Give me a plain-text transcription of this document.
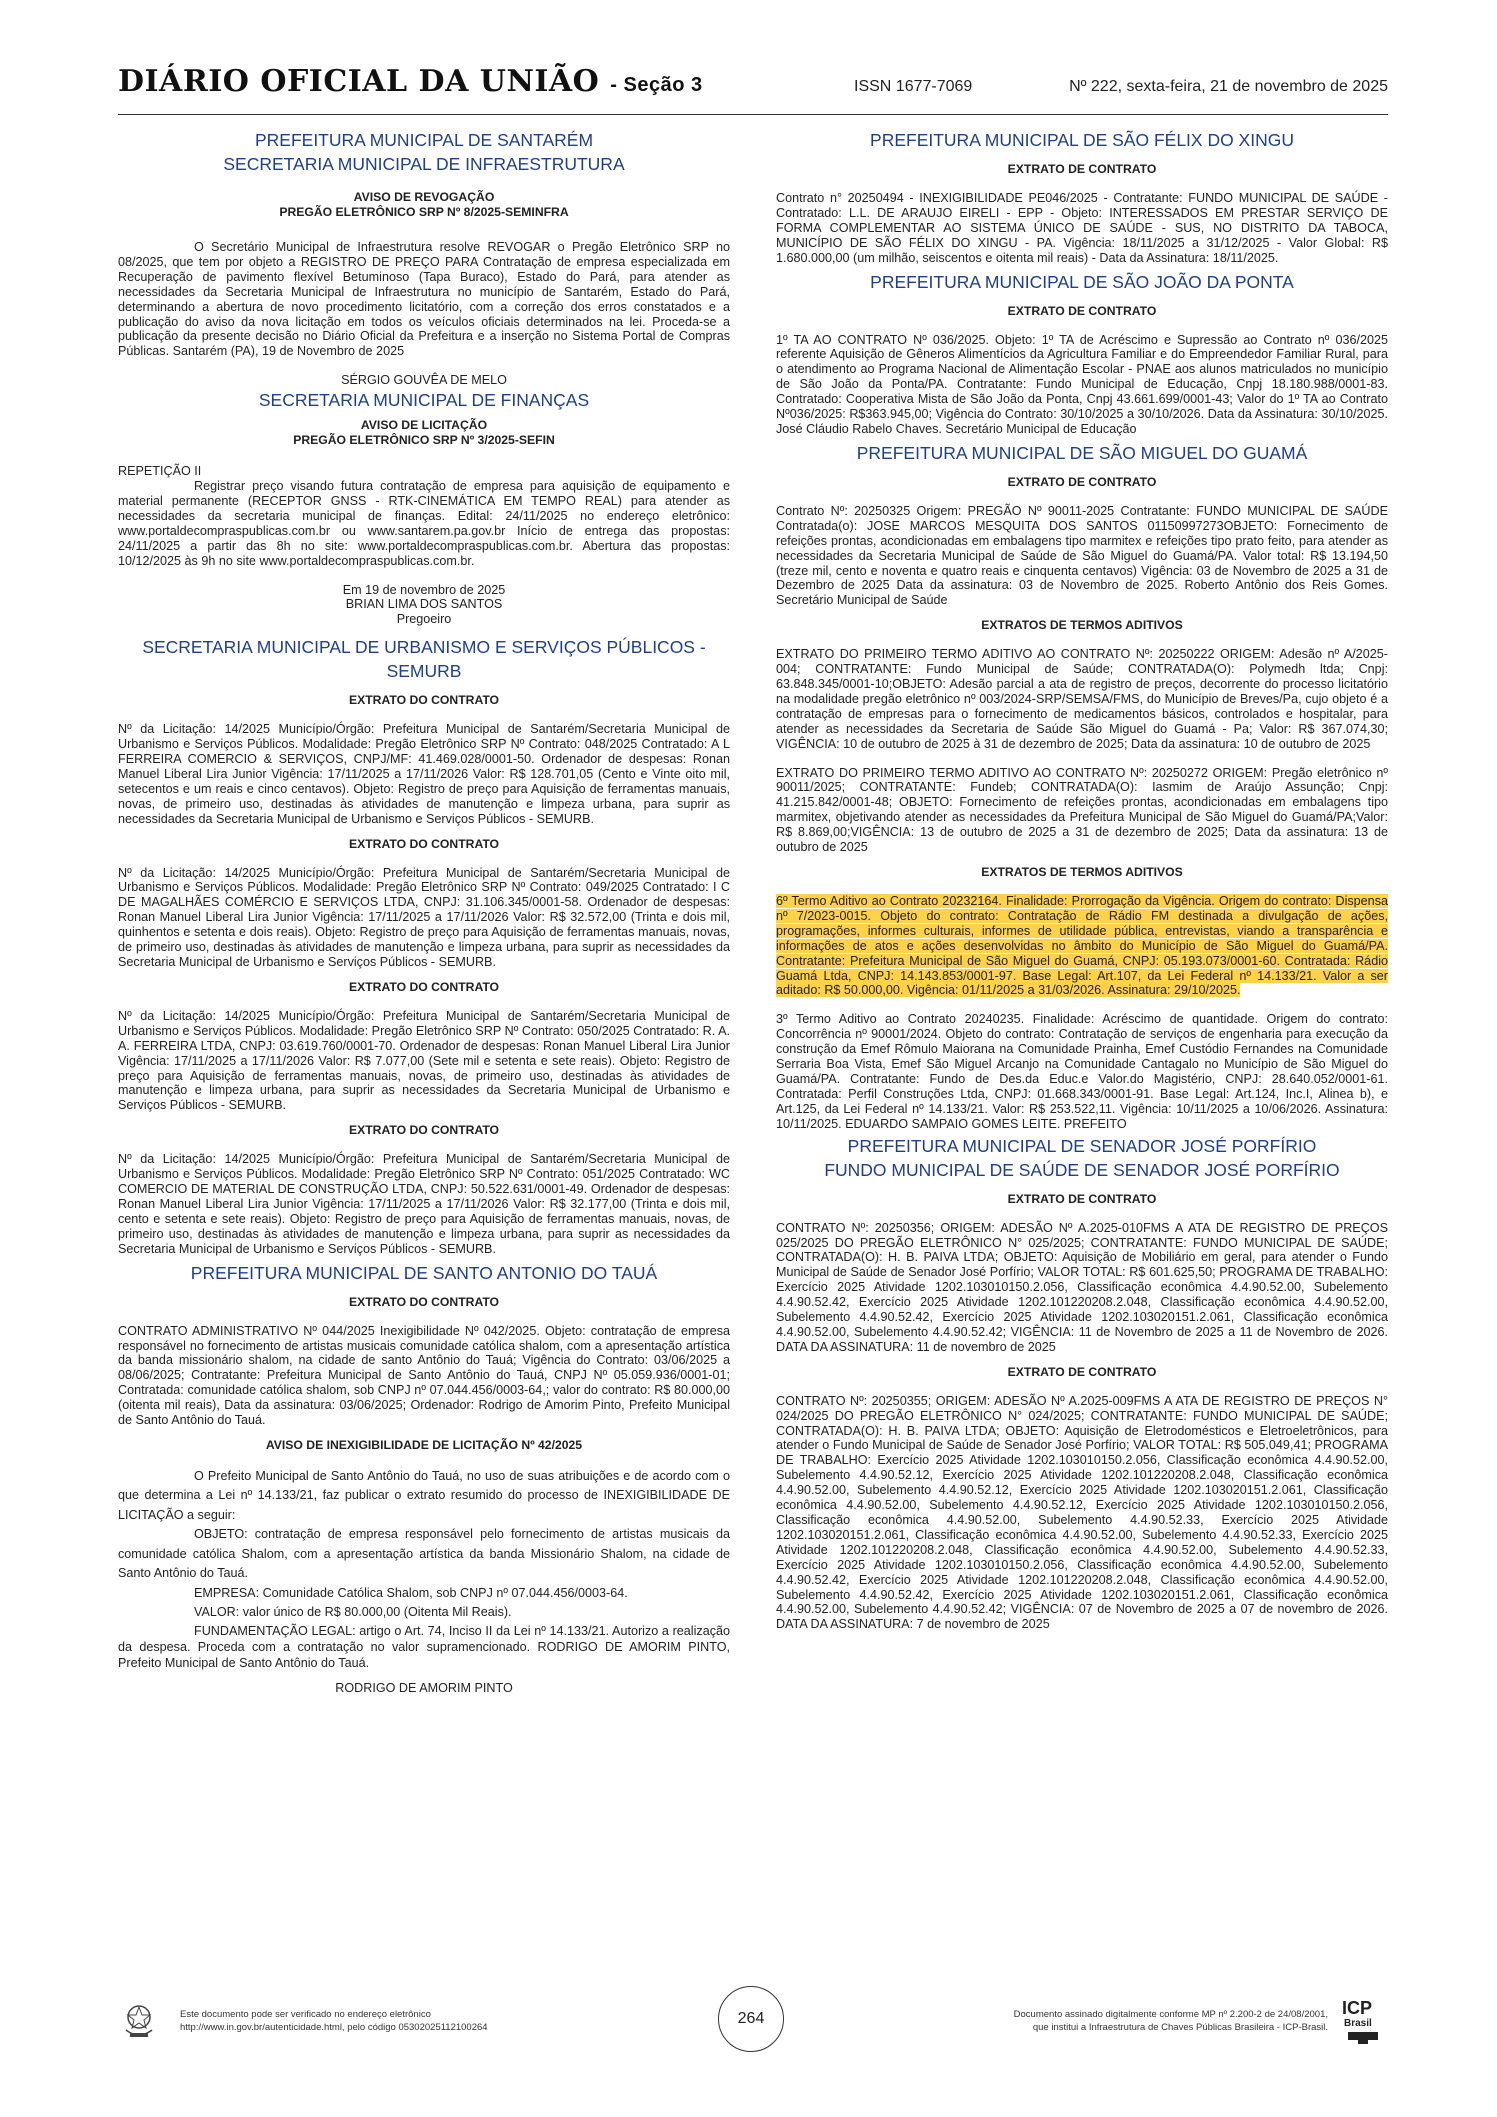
DIÁRIO OFICIAL DA UNIÃO - Seção 3	ISSN 1677-7069	Nº 222, sexta-feira, 21 de novembro de 2025

PREFEITURA MUNICIPAL DE SANTARÉM

SECRETARIA MUNICIPAL DE INFRAESTRUTURA

AVISO DE REVOGAÇÃO

PREGÃO ELETRÔNICO SRP Nº 8/2025-SEMINFRA

O Secretário Municipal de Infraestrutura resolve REVOGAR o Pregão Eletrônico SRP no 08/2025, que tem por objeto a REGISTRO DE PREÇO PARA Contratação de empresa especializada em Recuperação de pavimento flexível Betuminoso (Tapa Buraco), Estado do Pará, para atender as necessidades da Secretaria Municipal de Infraestrutura no município de Santarém, Estado do Pará, determinando a abertura de novo procedimento licitatório, com a correção dos erros constatados e a publicação do aviso da nova licitação em todos os veículos oficiais determinados na lei. Proceda-se a publicação da presente decisão no Diário Oficial da Prefeitura e a inserção no Sistema Portal de Compras Públicas. Santarém (PA), 19 de Novembro de 2025

SÉRGIO GOUVÊA DE MELO

SECRETARIA MUNICIPAL DE FINANÇAS

AVISO DE LICITAÇÃO

PREGÃO ELETRÔNICO SRP Nº 3/2025-SEFIN

REPETIÇÃO II

Registrar preço visando futura contratação de empresa para aquisição de equipamento e material permanente (RECEPTOR GNSS - RTK-CINEMÁTICA EM TEMPO REAL) para atender as necessidades da secretaria municipal de finanças. Edital: 24/11/2025 no endereço eletrônico: www.portaldecompraspublicas.com.br ou www.santarem.pa.gov.br Início de entrega das propostas: 24/11/2025 a partir das 8h no site: www.portaldecompraspublicas.com.br. Abertura das propostas: 10/12/2025 às 9h no site www.portaldecompraspublicas.com.br.

Em 19 de novembro de 2025

BRIAN LIMA DOS SANTOS

Pregoeiro

SECRETARIA MUNICIPAL DE URBANISMO E SERVIÇOS PÚBLICOS - SEMURB

EXTRATO DO CONTRATO

Nº da Licitação: 14/2025 Município/Órgão: Prefeitura Municipal de Santarém/Secretaria Municipal de Urbanismo e Serviços Públicos. Modalidade: Pregão Eletrônico SRP Nº Contrato: 048/2025 Contratado: A L FERREIRA COMERCIO & SERVIÇOS, CNPJ/MF: 41.469.028/0001-50. Ordenador de despesas: Ronan Manuel Liberal Lira Junior Vigência: 17/11/2025 a 17/11/2026 Valor: R$ 128.701,05 (Cento e Vinte oito mil, setecentos e um reais e cinco centavos). Objeto: Registro de preço para Aquisição de ferramentas manuais, novas, de primeiro uso, destinadas às atividades de manutenção e limpeza urbana, para suprir as necessidades da Secretaria Municipal de Urbanismo e Serviços Públicos - SEMURB.

EXTRATO DO CONTRATO

Nº da Licitação: 14/2025 Município/Órgão: Prefeitura Municipal de Santarém/Secretaria Municipal de Urbanismo e Serviços Públicos. Modalidade: Pregão Eletrônico SRP Nº Contrato: 049/2025 Contratado: I C DE MAGALHÃES COMÉRCIO E SERVIÇOS LTDA, CNPJ: 31.106.345/0001-58. Ordenador de despesas: Ronan Manuel Liberal Lira Junior Vigência: 17/11/2025 a 17/11/2026 Valor: R$ 32.572,00 (Trinta e dois mil, quinhentos e setenta e dois reais). Objeto: Registro de preço para Aquisição de ferramentas manuais, novas, de primeiro uso, destinadas às atividades de manutenção e limpeza urbana, para suprir as necessidades da Secretaria Municipal de Urbanismo e Serviços Públicos - SEMURB.

EXTRATO DO CONTRATO

Nº da Licitação: 14/2025 Município/Órgão: Prefeitura Municipal de Santarém/Secretaria Municipal de Urbanismo e Serviços Públicos. Modalidade: Pregão Eletrônico SRP Nº Contrato: 050/2025 Contratado: R. A. A. FERREIRA LTDA, CNPJ: 03.619.760/0001-70. Ordenador de despesas: Ronan Manuel Liberal Lira Junior Vigência: 17/11/2025 a 17/11/2026 Valor: R$ 7.077,00 (Sete mil e setenta e sete reais). Objeto: Registro de preço para Aquisição de ferramentas manuais, novas, de primeiro uso, destinadas às atividades de manutenção e limpeza urbana, para suprir as necessidades da Secretaria Municipal de Urbanismo e Serviços Públicos - SEMURB.

EXTRATO DO CONTRATO

Nº da Licitação: 14/2025 Município/Órgão: Prefeitura Municipal de Santarém/Secretaria Municipal de Urbanismo e Serviços Públicos. Modalidade: Pregão Eletrônico SRP Nº Contrato: 051/2025 Contratado: WC COMERCIO DE MATERIAL DE CONSTRUÇÃO LTDA, CNPJ: 50.522.631/0001-49. Ordenador de despesas: Ronan Manuel Liberal Lira Junior Vigência: 17/11/2025 a 17/11/2026 Valor: R$ 32.177,00 (Trinta e dois mil, cento e setenta e sete reais). Objeto: Registro de preço para Aquisição de ferramentas manuais, novas, de primeiro uso, destinadas às atividades de manutenção e limpeza urbana, para suprir as necessidades da Secretaria Municipal de Urbanismo e Serviços Públicos - SEMURB.

PREFEITURA MUNICIPAL DE SANTO ANTONIO DO TAUÁ

EXTRATO DO CONTRATO

CONTRATO ADMINISTRATIVO Nº 044/2025 Inexigibilidade Nº 042/2025. Objeto: contratação de empresa responsável no fornecimento de artistas musicais comunidade católica shalom, com a apresentação artística da banda missionário shalom, na cidade de santo Antônio do Tauá; Vigência do Contrato: 03/06/2025 a 08/06/2025; Contratante: Prefeitura Municipal de Santo Antônio do Tauá, CNPJ Nº 05.059.936/0001-01; Contratada: comunidade católica shalom, sob CNPJ nº 07.044.456/0003-64,; valor do contrato: R$ 80.000,00 (oitenta mil reais), Data da assinatura: 03/06/2025; Ordenador: Rodrigo de Amorim Pinto, Prefeito Municipal de Santo Antônio do Tauá.

AVISO DE INEXIGIBILIDADE DE LICITAÇÃO Nº 42/2025

O Prefeito Municipal de Santo Antônio do Tauá, no uso de suas atribuições e de acordo com o que determina a Lei nº 14.133/21, faz publicar o extrato resumido do processo de INEXIGIBILIDADE DE LICITAÇÃO a seguir:

OBJETO: contratação de empresa responsável pelo fornecimento de artistas musicais da comunidade católica Shalom, com a apresentação artística da banda Missionário Shalom, na cidade de Santo Antônio do Tauá.

EMPRESA: Comunidade Católica Shalom, sob CNPJ nº 07.044.456/0003-64.

VALOR: valor único de R$ 80.000,00 (Oitenta Mil Reais).

FUNDAMENTAÇÃO LEGAL: artigo o Art. 74, Inciso II da Lei nº 14.133/21. Autorizo a realização da despesa. Proceda com a contratação no valor supramencionado. RODRIGO DE AMORIM PINTO, Prefeito Municipal de Santo Antônio do Tauá.

RODRIGO DE AMORIM PINTO

PREFEITURA MUNICIPAL DE SÃO FÉLIX DO XINGU

EXTRATO DE CONTRATO

Contrato n° 20250494 - INEXIGIBILIDADE PE046/2025 - Contratante: FUNDO MUNICIPAL DE SAÚDE - Contratado: L.L. DE ARAUJO EIRELI - EPP - Objeto: INTERESSADOS EM PRESTAR SERVIÇO DE FORMA COMPLEMENTAR AO SISTEMA ÚNICO DE SAÚDE - SUS, NO DISTRITO DA TABOCA, MUNICÍPIO DE SÃO FÉLIX DO XINGU - PA. Vigência: 18/11/2025 a 31/12/2025 - Valor Global: R$ 1.680.000,00 (um milhão, seiscentos e oitenta mil reais) - Data da Assinatura: 18/11/2025.

PREFEITURA MUNICIPAL DE SÃO JOÃO DA PONTA

EXTRATO DE CONTRATO

1º TA AO CONTRATO Nº 036/2025. Objeto: 1º TA de Acréscimo e Supressão ao Contrato nº 036/2025 referente Aquisição de Gêneros Alimentícios da Agricultura Familiar e do Empreendedor Familiar Rural, para o atendimento ao Programa Nacional de Alimentação Escolar - PNAE aos alunos matriculados no município de São João da Ponta/PA. Contratante: Fundo Municipal de Educação, Cnpj 18.180.988/0001-83. Contratado: Cooperativa Mista de São João da Ponta, Cnpj 43.661.699/0001-43; Valor do 1º TA ao Contrato Nº036/2025: R$363.945,00; Vigência do Contrato: 30/10/2025 a 30/10/2026. Data da Assinatura: 30/10/2025. José Cláudio Rabelo Chaves. Secretário Municipal de Educação

PREFEITURA MUNICIPAL DE SÃO MIGUEL DO GUAMÁ

EXTRATO DE CONTRATO

Contrato Nº: 20250325 Origem: PREGÃO Nº 90011-2025 Contratante: FUNDO MUNICIPAL DE SAÚDE Contratada(o): JOSE MARCOS MESQUITA DOS SANTOS 01150997273OBJETO: Fornecimento de refeições prontas, acondicionadas em embalagens tipo marmitex e refeições tipo prato feito, para atender as necessidades da Secretaria Municipal de Saúde de São Miguel do Guamá/PA. Valor total: R$ 13.194,50 (treze mil, cento e noventa e quatro reais e cinquenta centavos) Vigência: 03 de Novembro de 2025 a 31 de Dezembro de 2025 Data da assinatura: 03 de Novembro de 2025. Roberto Antônio dos Reis Gomes. Secretário Municipal de Saúde

EXTRATOS DE TERMOS ADITIVOS

EXTRATO DO PRIMEIRO TERMO ADITIVO AO CONTRATO Nº: 20250222 ORIGEM: Adesão nº A/2025-004; CONTRATANTE: Fundo Municipal de Saúde; CONTRATADA(O): Polymedh ltda; Cnpj: 63.848.345/0001-10;OBJETO: Adesão parcial a ata de registro de preços, decorrente do processo licitatório na modalidade pregão eletrônico nº 003/2024-SRP/SEMSA/FMS, do Município de Breves/Pa, cujo objeto é a contratação de empresas para o fornecimento de medicamentos básicos, controlados e hospitalar, para atender as necessidades da Secretaria de Saúde São Miguel do Guamá - Pa; Valor: R$ 367.074,30; VIGÊNCIA: 10 de outubro de 2025 à 31 de dezembro de 2025; Data da assinatura: 10 de outubro de 2025

EXTRATO DO PRIMEIRO TERMO ADITIVO AO CONTRATO Nº: 20250272 ORIGEM: Pregão eletrônico nº 90011/2025; CONTRATANTE: Fundeb; CONTRATADA(O): Iasmim de Araújo Assunção; Cnpj: 41.215.842/0001-48; OBJETO: Fornecimento de refeições prontas, acondicionadas em embalagens tipo marmitex, objetivando atender as necessidades da Prefeitura Municipal de São Miguel do Guamá/PA;Valor: R$ 8.869,00;VIGÊNCIA: 13 de outubro de 2025 a 31 de dezembro de 2025; Data da assinatura: 13 de outubro de 2025

EXTRATOS DE TERMOS ADITIVOS

6º Termo Aditivo ao Contrato 20232164. Finalidade: Prorrogação da Vigência. Origem do contrato: Dispensa nº 7/2023-0015. Objeto do contrato: Contratação de Rádio FM destinada a divulgação de ações, programações, informes culturais, informes de utilidade pública, entrevistas, viando a transparência e informações de atos e ações desenvolvidas no âmbito do Município de São Miguel do Guamá/PA. Contratante: Prefeitura Municipal de São Miguel do Guamá, CNPJ: 05.193.073/0001-60. Contratada: Rádio Guamá Ltda, CNPJ: 14.143.853/0001-97. Base Legal: Art.107, da Lei Federal nº 14.133/21. Valor a ser aditado: R$ 50.000,00. Vigência: 01/11/2025 a 31/03/2026. Assinatura: 29/10/2025.

3º Termo Aditivo ao Contrato 20240235. Finalidade: Acréscimo de quantidade. Origem do contrato: Concorrência nº 90001/2024. Objeto do contrato: Contratação de serviços de engenharia para execução da construção da Emef Rômulo Maiorana na Comunidade Prainha, Emef Custódio Fernandes na Comunidade Serraria Boa Vista, Emef São Miguel Arcanjo na Comunidade Cantagalo no Município de São Miguel do Guamá/PA. Contratante: Fundo de Des.da Educ.e Valor.do Magistério, CNPJ: 28.640.052/0001-61. Contratada: Perfil Construções Ltda, CNPJ: 01.668.343/0001-91. Base Legal: Art.124, Inc.I, Alinea b), e Art.125, da Lei Federal nº 14.133/21. Valor: R$ 253.522,11. Vigência: 10/11/2025 a 10/06/2026. Assinatura: 10/11/2025. EDUARDO SAMPAIO GOMES LEITE. PREFEITO

PREFEITURA MUNICIPAL DE SENADOR JOSÉ PORFÍRIO

FUNDO MUNICIPAL DE SAÚDE DE SENADOR JOSÉ PORFÍRIO

EXTRATO DE CONTRATO

CONTRATO Nº: 20250356; ORIGEM: ADESÃO Nº A.2025-010FMS A ATA DE REGISTRO DE PREÇOS 025/2025 DO PREGÃO ELETRÔNICO N° 025/2025; CONTRATANTE: FUNDO MUNICIPAL DE SAÚDE; CONTRATADA(O): H. B. PAIVA LTDA; OBJETO: Aquisição de Mobiliário em geral, para atender o Fundo Municipal de Saúde de Senador José Porfírio; VALOR TOTAL: R$ 601.625,50; PROGRAMA DE TRABALHO: Exercício 2025 Atividade 1202.103010150.2.056, Classificação econômica 4.4.90.52.00, Subelemento 4.4.90.52.42, Exercício 2025 Atividade 1202.101220208.2.048, Classificação econômica 4.4.90.52.00, Subelemento 4.4.90.52.42, Exercício 2025 Atividade 1202.103020151.2.061, Classificação econômica 4.4.90.52.00, Subelemento 4.4.90.52.42; VIGÊNCIA: 11 de Novembro de 2025 a 11 de Novembro de 2026. DATA DA ASSINATURA: 11 de novembro de 2025

EXTRATO DE CONTRATO

CONTRATO Nº: 20250355; ORIGEM: ADESÃO Nº A.2025-009FMS A ATA DE REGISTRO DE PREÇOS N° 024/2025 DO PREGÃO ELETRÔNICO N° 024/2025; CONTRATANTE: FUNDO MUNICIPAL DE SAÚDE; CONTRATADA(O): H. B. PAIVA LTDA; OBJETO: Aquisição de Eletrodomésticos e Eletroeletrônicos, para atender o Fundo Municipal de Saúde de Senador José Porfírio; VALOR TOTAL: R$ 505.049,41; PROGRAMA DE TRABALHO: Exercício 2025 Atividade 1202.103010150.2.056, Classificação econômica 4.4.90.52.00, Subelemento 4.4.90.52.12, Exercício 2025 Atividade 1202.101220208.2.048, Classificação econômica 4.4.90.52.00, Subelemento 4.4.90.52.12, Exercício 2025 Atividade 1202.103020151.2.061, Classificação econômica 4.4.90.52.00, Subelemento 4.4.90.52.12, Exercício 2025 Atividade 1202.103010150.2.056, Classificação econômica 4.4.90.52.00, Subelemento 4.4.90.52.33, Exercício 2025 Atividade 1202.103020151.2.061, Classificação econômica 4.4.90.52.00, Subelemento 4.4.90.52.33, Exercício 2025 Atividade 1202.101220208.2.048, Classificação econômica 4.4.90.52.00, Subelemento 4.4.90.52.33, Exercício 2025 Atividade 1202.103010150.2.056, Classificação econômica 4.4.90.52.00, Subelemento 4.4.90.52.42, Exercício 2025 Atividade 1202.101220208.2.048, Classificação econômica 4.4.90.52.00, Subelemento 4.4.90.52.42, Exercício 2025 Atividade 1202.103020151.2.061, Classificação econômica 4.4.90.52.00, Subelemento 4.4.90.52.42; VIGÊNCIA: 07 de Novembro de 2025 a 07 de novembro de 2026. DATA DA ASSINATURA: 7 de novembro de 2025

Este documento pode ser verificado no endereço eletrônico
http://www.in.gov.br/autenticidade.html, pelo código 05302025112100264
264	Documento assinado digitalmente conforme MP nº 2.200-2 de 24/08/2001,
que institui a Infraestrutura de Chaves Públicas Brasileira - ICP-Brasil.
ICP
Brasil
